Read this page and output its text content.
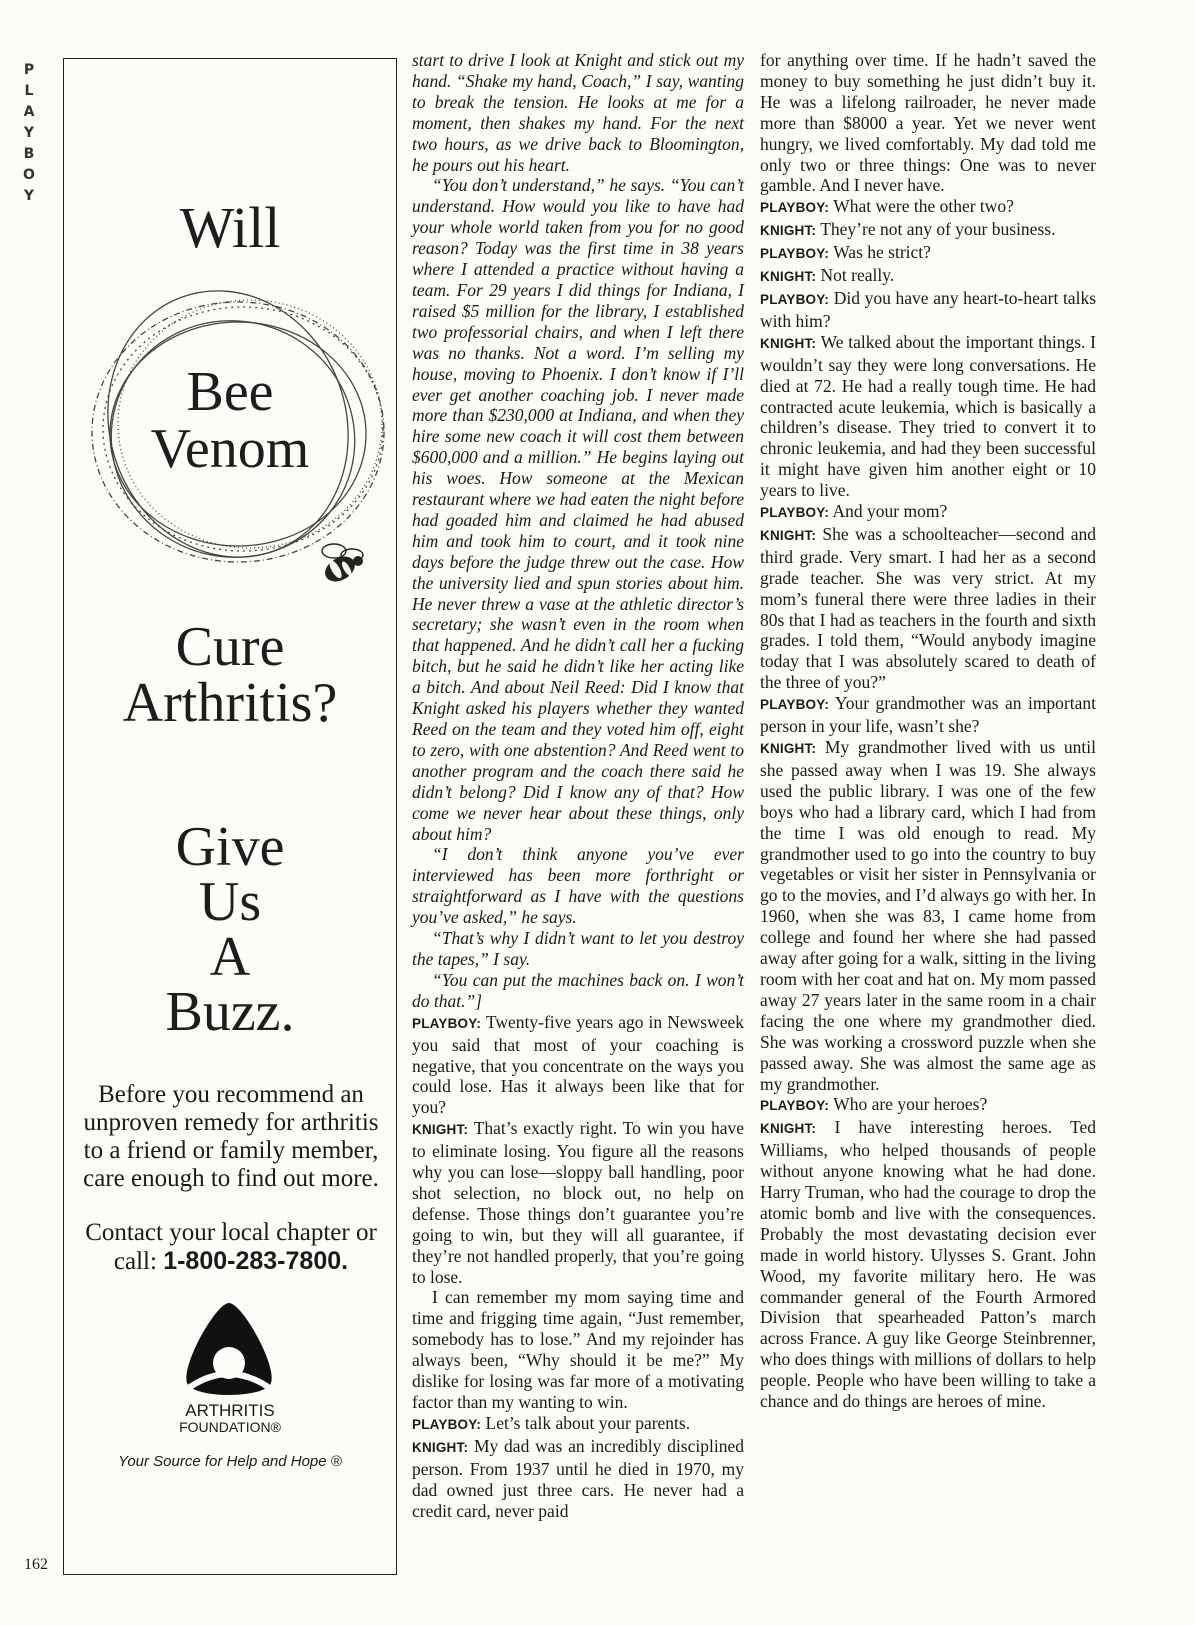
P
L
A
Y
B
O
Y
162
Will
Bee
Venom
Cure
Arthritis?
Give
Us
A
Buzz.
Before you recommend an unproven remedy for arthritis to a friend or family member, care enough to find out more.
Contact your local chapter or call: 1-800-283-7800.
ARTHRITIS
FOUNDATION®
Your Source for Help and Hope ®

start to drive I look at Knight and stick out my hand. “Shake my hand, Coach,” I say, wanting to break the tension. He looks at me for a moment, then shakes my hand. For the next two hours, as we drive back to Bloomington, he pours out his heart.

“You don’t understand,” he says. “You can’t understand. How would you like to have had your whole world taken from you for no good reason? Today was the first time in 38 years where I attended a practice without having a team. For 29 years I did things for Indiana, I raised $5 million for the library, I established two professorial chairs, and when I left there was no thanks. Not a word. I’m selling my house, moving to Phoenix. I don’t know if I’ll ever get another coaching job. I never made more than $230,000 at Indiana, and when they hire some new coach it will cost them between $600,000 and a million.” He begins laying out his woes. How someone at the Mexican restaurant where we had eaten the night before had goaded him and claimed he had abused him and took him to court, and it took nine days before the judge threw out the case. How the university lied and spun stories about him. He never threw a vase at the athletic director’s secretary; she wasn’t even in the room when that happened. And he didn’t call her a fucking bitch, but he said he didn’t like her acting like a bitch. And about Neil Reed: Did I know that Knight asked his players whether they wanted Reed on the team and they voted him off, eight to zero, with one abstention? And Reed went to another program and the coach there said he didn’t belong? Did I know any of that? How come we never hear about these things, only about him?

“I don’t think anyone you’ve ever interviewed has been more forthright or straightforward as I have with the questions you’ve asked,” he says.

“That’s why I didn’t want to let you destroy the tapes,” I say.

“You can put the machines back on. I won’t do that.”]

PLAYBOY: Twenty-five years ago in Newsweek you said that most of your coaching is negative, that you concentrate on the ways you could lose. Has it always been like that for you?

KNIGHT: That’s exactly right. To win you have to eliminate losing. You figure all the reasons why you can lose—sloppy ball handling, poor shot selection, no block out, no help on defense. Those things don’t guarantee you’re going to win, but they will all guarantee, if they’re not handled properly, that you’re going to lose.

I can remember my mom saying time and time and frigging time again, “Just remember, somebody has to lose.” And my rejoinder has always been, “Why should it be me?” My dislike for losing was far more of a motivating factor than my wanting to win.

PLAYBOY: Let’s talk about your parents.

KNIGHT: My dad was an incredibly disciplined person. From 1937 until he died in 1970, my dad owned just three cars. He never had a credit card, never paid

for anything over time. If he hadn’t saved the money to buy something he just didn’t buy it. He was a lifelong railroader, he never made more than $8000 a year. Yet we never went hungry, we lived comfortably. My dad told me only two or three things: One was to never gamble. And I never have.

PLAYBOY: What were the other two?

KNIGHT: They’re not any of your business.

PLAYBOY: Was he strict?

KNIGHT: Not really.

PLAYBOY: Did you have any heart-to-heart talks with him?

KNIGHT: We talked about the important things. I wouldn’t say they were long conversations. He died at 72. He had a really tough time. He had contracted acute leukemia, which is basically a children’s disease. They tried to convert it to chronic leukemia, and had they been successful it might have given him another eight or 10 years to live.

PLAYBOY: And your mom?

KNIGHT: She was a schoolteacher—second and third grade. Very smart. I had her as a second grade teacher. She was very strict. At my mom’s funeral there were three ladies in their 80s that I had as teachers in the fourth and sixth grades. I told them, “Would anybody imagine today that I was absolutely scared to death of the three of you?”

PLAYBOY: Your grandmother was an important person in your life, wasn’t she?

KNIGHT: My grandmother lived with us until she passed away when I was 19. She always used the public library. I was one of the few boys who had a library card, which I had from the time I was old enough to read. My grandmother used to go into the country to buy vegetables or visit her sister in Pennsylvania or go to the movies, and I’d always go with her. In 1960, when she was 83, I came home from college and found her where she had passed away after going for a walk, sitting in the living room with her coat and hat on. My mom passed away 27 years later in the same room in a chair facing the one where my grandmother died. She was working a crossword puzzle when she passed away. She was almost the same age as my grandmother.

PLAYBOY: Who are your heroes?

KNIGHT: I have interesting heroes. Ted Williams, who helped thousands of people without anyone knowing what he had done. Harry Truman, who had the courage to drop the atomic bomb and live with the consequences. Probably the most devastating decision ever made in world history. Ulysses S. Grant. John Wood, my favorite military hero. He was commander general of the Fourth Armored Division that spearheaded Patton’s march across France. A guy like George Steinbrenner, who does things with millions of dollars to help people. People who have been willing to take a chance and do things are heroes of mine.
